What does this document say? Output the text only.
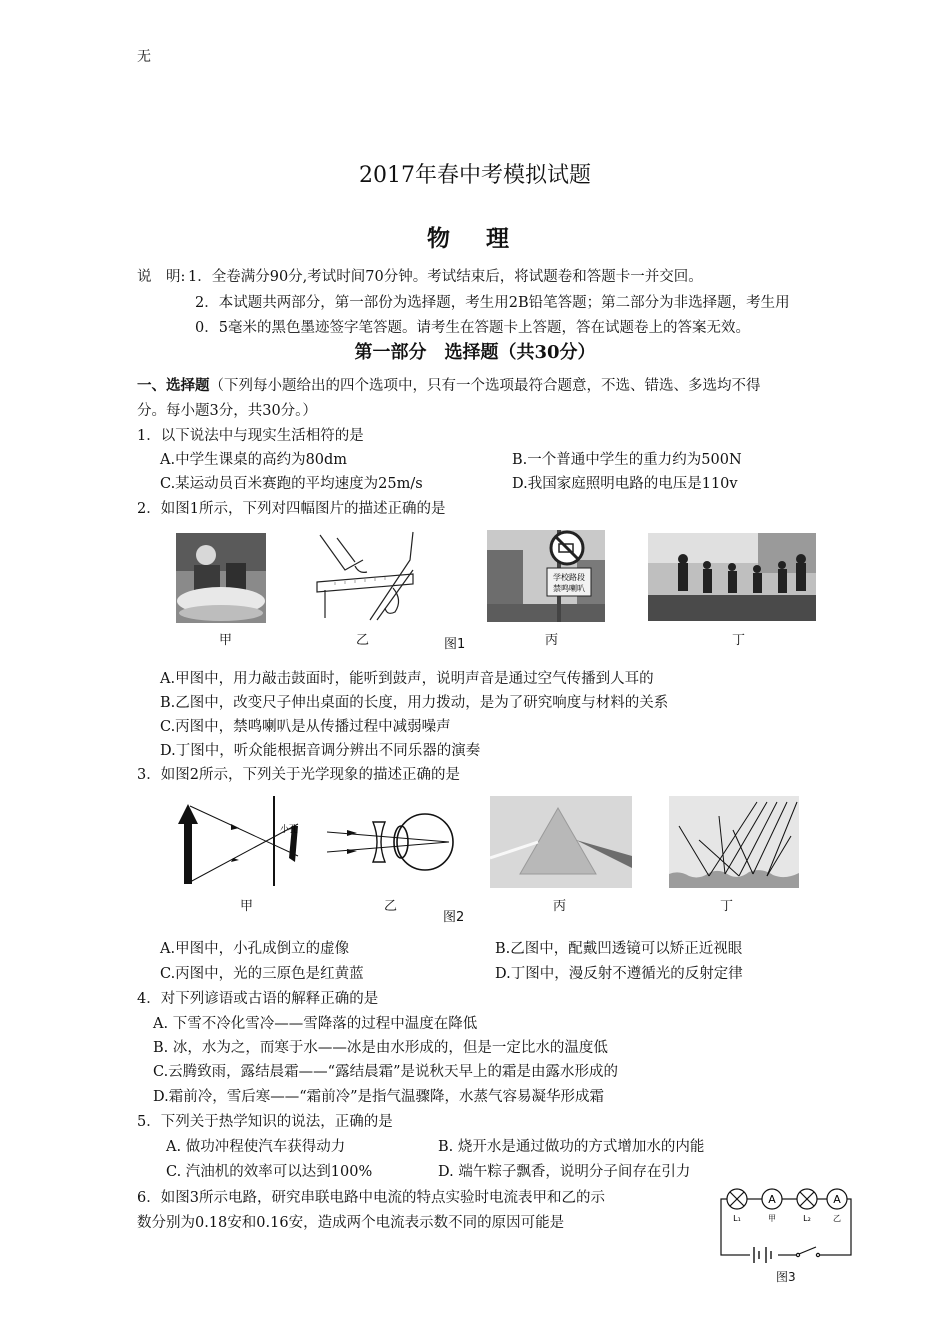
无
2017年春中考模拟试题
物 理
说　明: 1．全卷满分90分,考试时间70分钟。考试结束后，将试题卷和答题卡一并交回。
2．本试题共两部分，第一部份为选择题，考生用2B铅笔答题；第二部分为非选择题，考生用
0．5毫米的黑色墨迹签字笔答题。请考生在答题卡上答题，答在试题卷上的答案无效。
第一部分　选择题（共30分）
一、选择题（下列每小题给出的四个选项中，只有一个选项最符合题意，不选、错选、多选均不得
分。每小题3分，共30分。）
1．以下说法中与现实生活相符的是
A.中学生课桌的高约为80dm	B.一个普通中学生的重力约为500N
C.某运动员百米赛跑的平均速度为25m/s	D.我国家庭照明电路的电压是110v
2．如图1所示，下列对四幅图片的描述正确的是
学校路段
禁鸣喇叭
甲	乙	图1	丙	丁
A.甲图中，用力敲击鼓面时，能听到鼓声，说明声音是通过空气传播到人耳的
B.乙图中，改变尺子伸出桌面的长度，用力拨动，是为了研究响度与材料的关系
C.丙图中，禁鸣喇叭是从传播过程中减弱噪声
D.丁图中，听众能根据音调分辨出不同乐器的演奏
3．如图2所示，下列关于光学现象的描述正确的是
小孔
甲	乙
图2
丙	丁
A.甲图中，小孔成倒立的虚像	B.乙图中，配戴凹透镜可以矫正近视眼
C.丙图中，光的三原色是红黄蓝	D.丁图中，漫反射不遵循光的反射定律
4．对下列谚语或古语的解释正确的是
A. 下雪不冷化雪冷——雪降落的过程中温度在降低
B. 冰，水为之，而寒于水——冰是由水形成的，但是一定比水的温度低
C.云腾致雨，露结晨霜——“露结晨霜”是说秋天早上的霜是由露水形成的
D.霜前冷，雪后寒——“霜前冷”是指气温骤降，水蒸气容易凝华形成霜
5．下列关于热学知识的说法，正确的是
A. 做功冲程使汽车获得动力	B. 烧开水是通过做功的方式增加水的内能
C. 汽油机的效率可以达到100%	D. 端午粽子飘香，说明分子间存在引力
6．如图3所示电路，研究串联电路中电流的特点实验时电流表甲和乙的示
数分别为0.18安和0.16安，造成两个电流表示数不同的原因可能是
A	A
L₁	甲	L₂	乙
图3
